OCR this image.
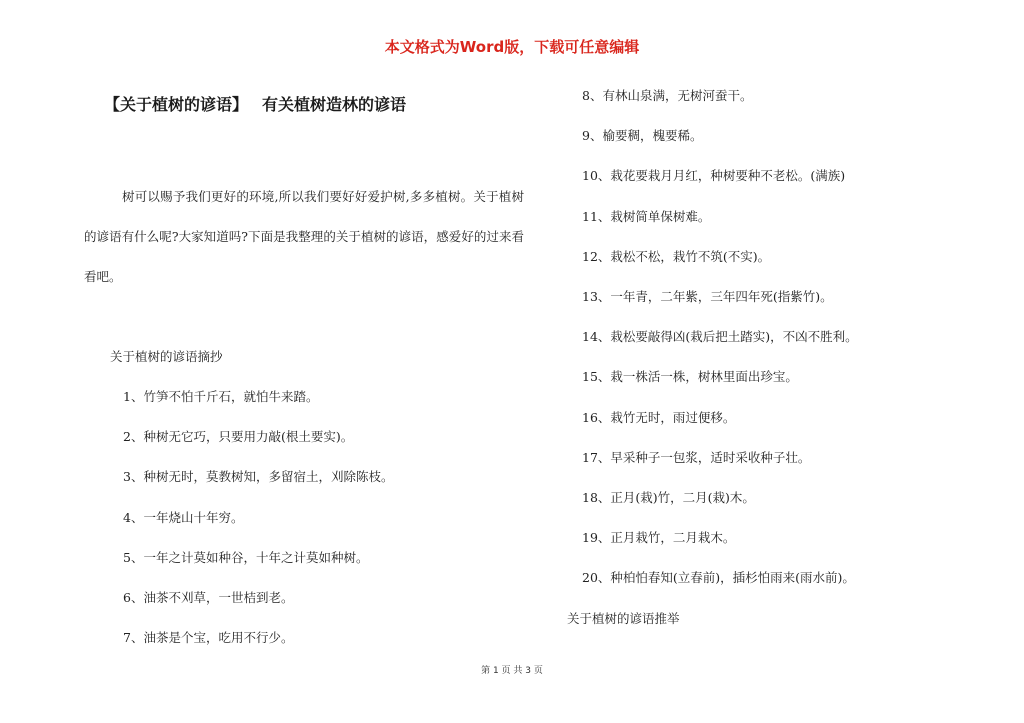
本文格式为Word版，下载可任意编辑
【关于植树的谚语】 有关植树造林的谚语
树可以赐予我们更好的环境,所以我们要好好爱护树,多多植树。关于植树的谚语有什么呢?大家知道吗?下面是我整理的关于植树的谚语，感爱好的过来看看吧。
关于植树的谚语摘抄
1、竹笋不怕千斤石，就怕牛来踏。
2、种树无它巧，只要用力敲(根土要实)。
3、种树无时，莫教树知，多留宿土，刈除陈枝。
4、一年烧山十年穷。
5、一年之计莫如种谷，十年之计莫如种树。
6、油茶不刈草，一世桔到老。
7、油茶是个宝，吃用不行少。
8、有林山泉满，无树河蚕干。
9、榆要稠，槐要稀。
10、栽花要栽月月红，种树要种不老松。(满族)
11、栽树简单保树难。
12、栽松不松，栽竹不筑(不实)。
13、一年青，二年紫，三年四年死(指紫竹)。
14、栽松要敲得凶(栽后把土踏实)，不凶不胜利。
15、栽一株活一株，树林里面出珍宝。
16、栽竹无时，雨过便移。
17、早采种子一包浆，适时采收种子壮。
18、正月(栽)竹，二月(栽)木。
19、正月栽竹，二月栽木。
20、种柏怕春知(立春前)，插杉怕雨来(雨水前)。
关于植树的谚语推举
第 1 页 共 3 页
